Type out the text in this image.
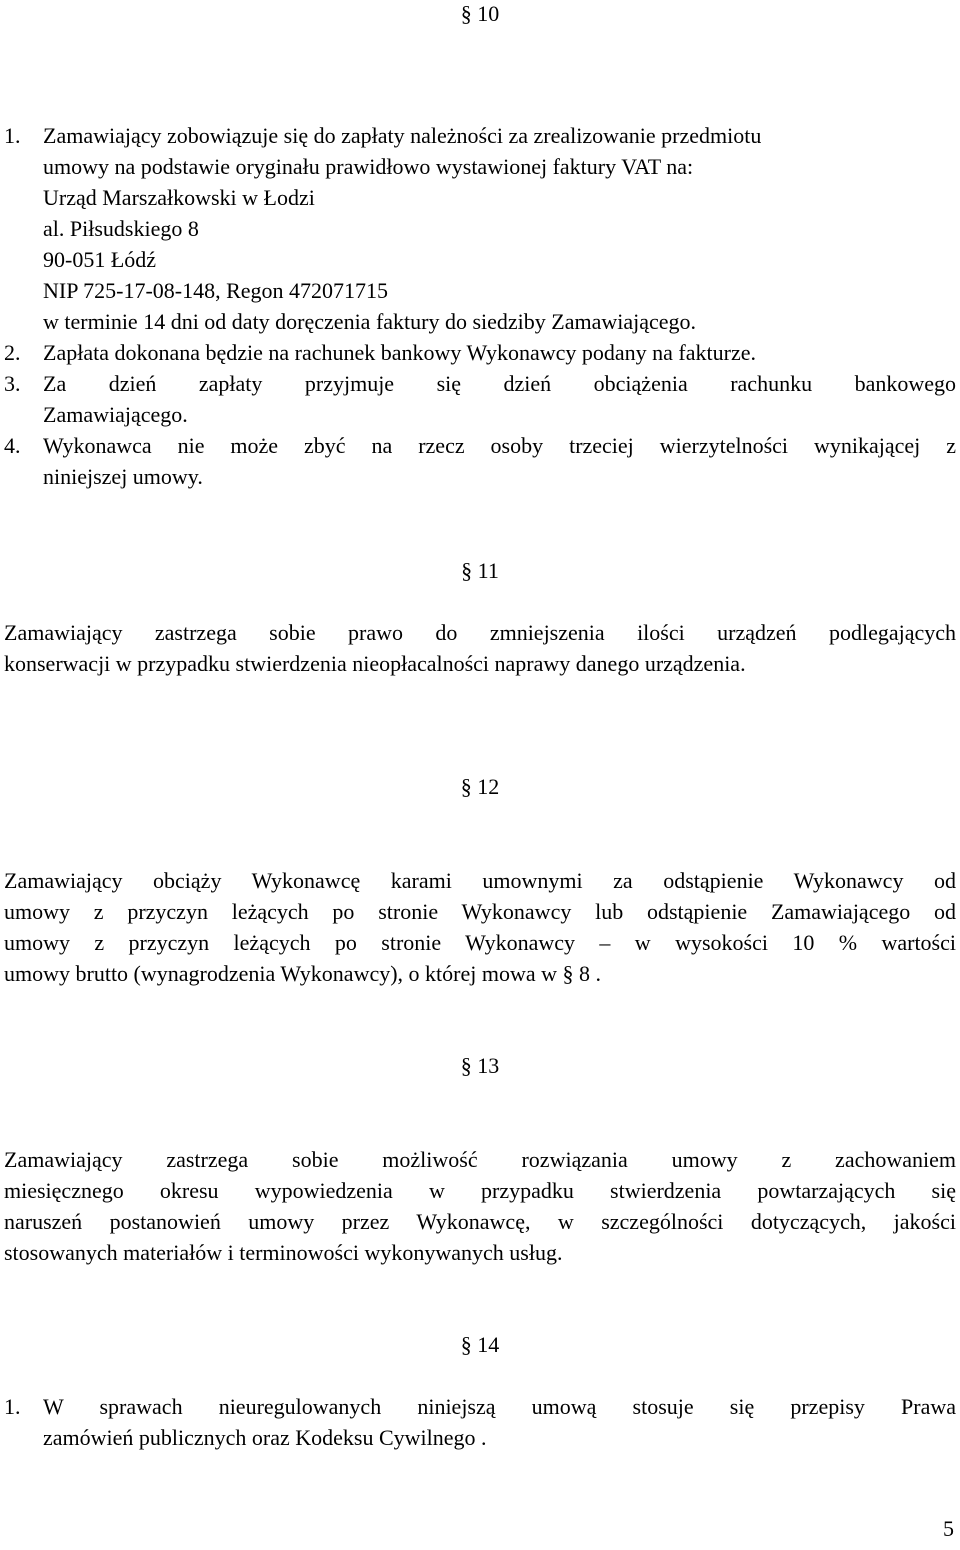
§ 10
1.	Zamawiający zobowiązuje się do zapłaty należności za zrealizowanie przedmiotu
umowy na podstawie oryginału prawidłowo wystawionej faktury VAT na:
Urząd Marszałkowski w Łodzi
al. Piłsudskiego 8
90-051 Łódź
NIP 725-17-08-148, Regon 472071715
w terminie 14 dni od daty doręczenia faktury do siedziby Zamawiającego.
2.	Zapłata dokonana będzie na rachunek bankowy Wykonawcy podany na fakturze.
3.	Za dzień zapłaty przyjmuje się dzień obciążenia rachunku bankowego
Zamawiającego.
4.	Wykonawca nie może zbyć na rzecz osoby trzeciej wierzytelności wynikającej z
niniejszej umowy.
§ 11
Zamawiający zastrzega sobie prawo do zmniejszenia ilości urządzeń podlegających
konserwacji w przypadku stwierdzenia nieopłacalności naprawy danego urządzenia.
§ 12
Zamawiający obciąży Wykonawcę karami umownymi za odstąpienie Wykonawcy od
umowy z przyczyn leżących po stronie Wykonawcy lub odstąpienie Zamawiającego od
umowy z przyczyn leżących po stronie Wykonawcy – w wysokości 10 % wartości
umowy brutto (wynagrodzenia Wykonawcy), o której mowa w § 8 .
§ 13
Zamawiający zastrzega sobie możliwość rozwiązania umowy z zachowaniem
miesięcznego okresu wypowiedzenia w przypadku stwierdzenia powtarzających się
naruszeń postanowień umowy przez Wykonawcę, w szczególności dotyczących, jakości
stosowanych materiałów i terminowości wykonywanych usług.
§ 14
1.	W sprawach nieuregulowanych niniejszą umową stosuje się przepisy Prawa
zamówień publicznych oraz Kodeksu Cywilnego .
5
